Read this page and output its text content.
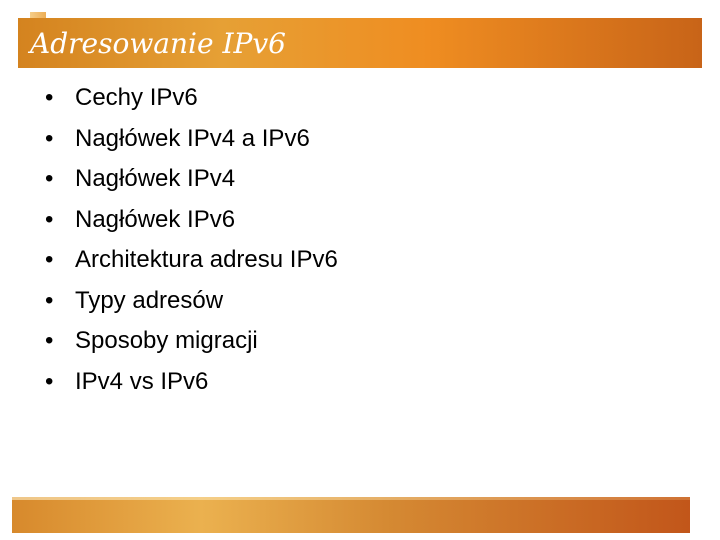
Adresowanie IPv6
• Cechy IPv6
• Nagłówek IPv4 a IPv6
• Nagłówek IPv4
• Nagłówek IPv6
• Architektura adresu IPv6
• Typy adresów
• Sposoby migracji
• IPv4 vs IPv6
